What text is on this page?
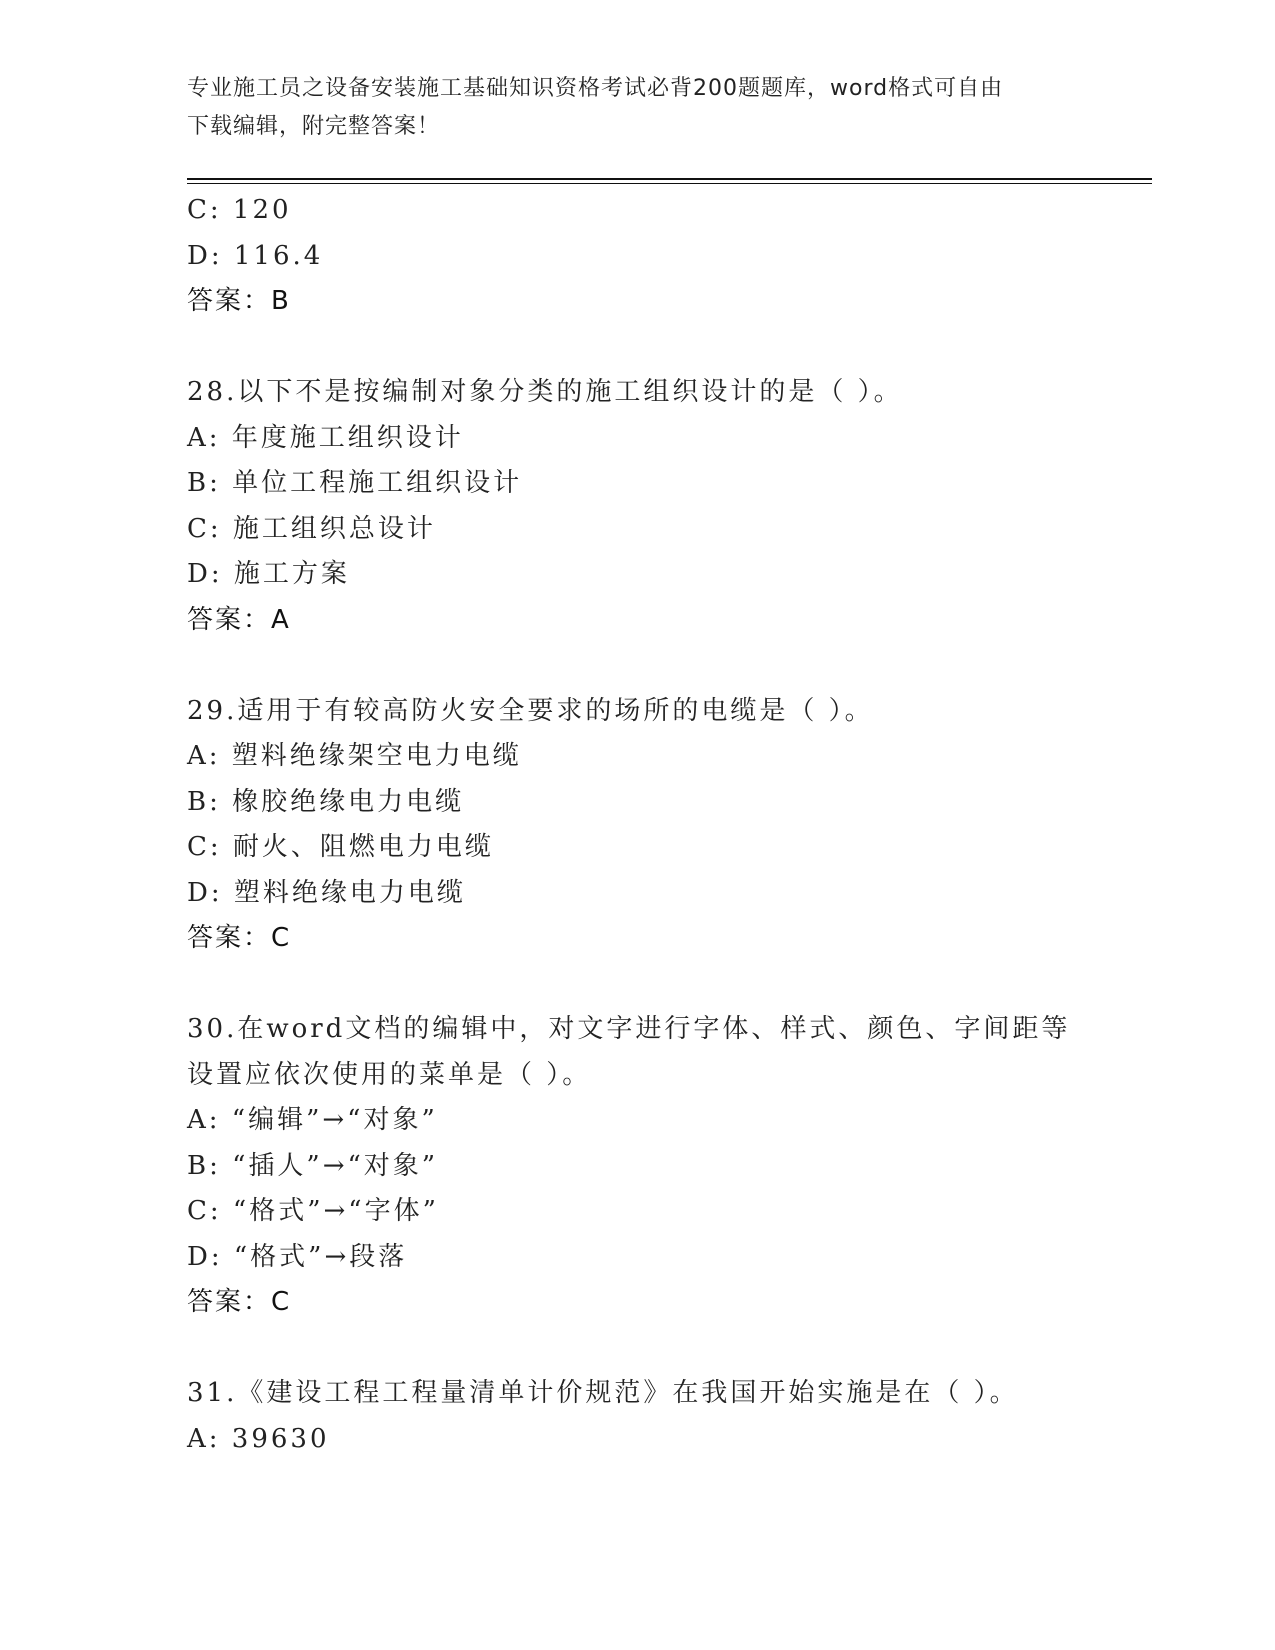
专业施工员之设备安装施工基础知识资格考试必背200题题库，word格式可自由
下载编辑，附完整答案！
C: 120
D: 116.4
答案：B
28.以下不是按编制对象分类的施工组织设计的是（ ）。
A: 年度施工组织设计
B: 单位工程施工组织设计
C: 施工组织总设计
D: 施工方案
答案：A
29.适用于有较高防火安全要求的场所的电缆是（ ）。
A: 塑料绝缘架空电力电缆
B: 橡胶绝缘电力电缆
C: 耐火、阻燃电力电缆
D: 塑料绝缘电力电缆
答案：C
30.在word文档的编辑中，对文字进行字体、样式、颜色、字间距等
设置应依次使用的菜单是（ ）。
A: “编辑”→“对象”
B: “插人”→“对象”
C: “格式”→“字体”
D: “格式”→段落
答案：C
31.《建设工程工程量清单计价规范》在我国开始实施是在（ ）。
A: 39630
